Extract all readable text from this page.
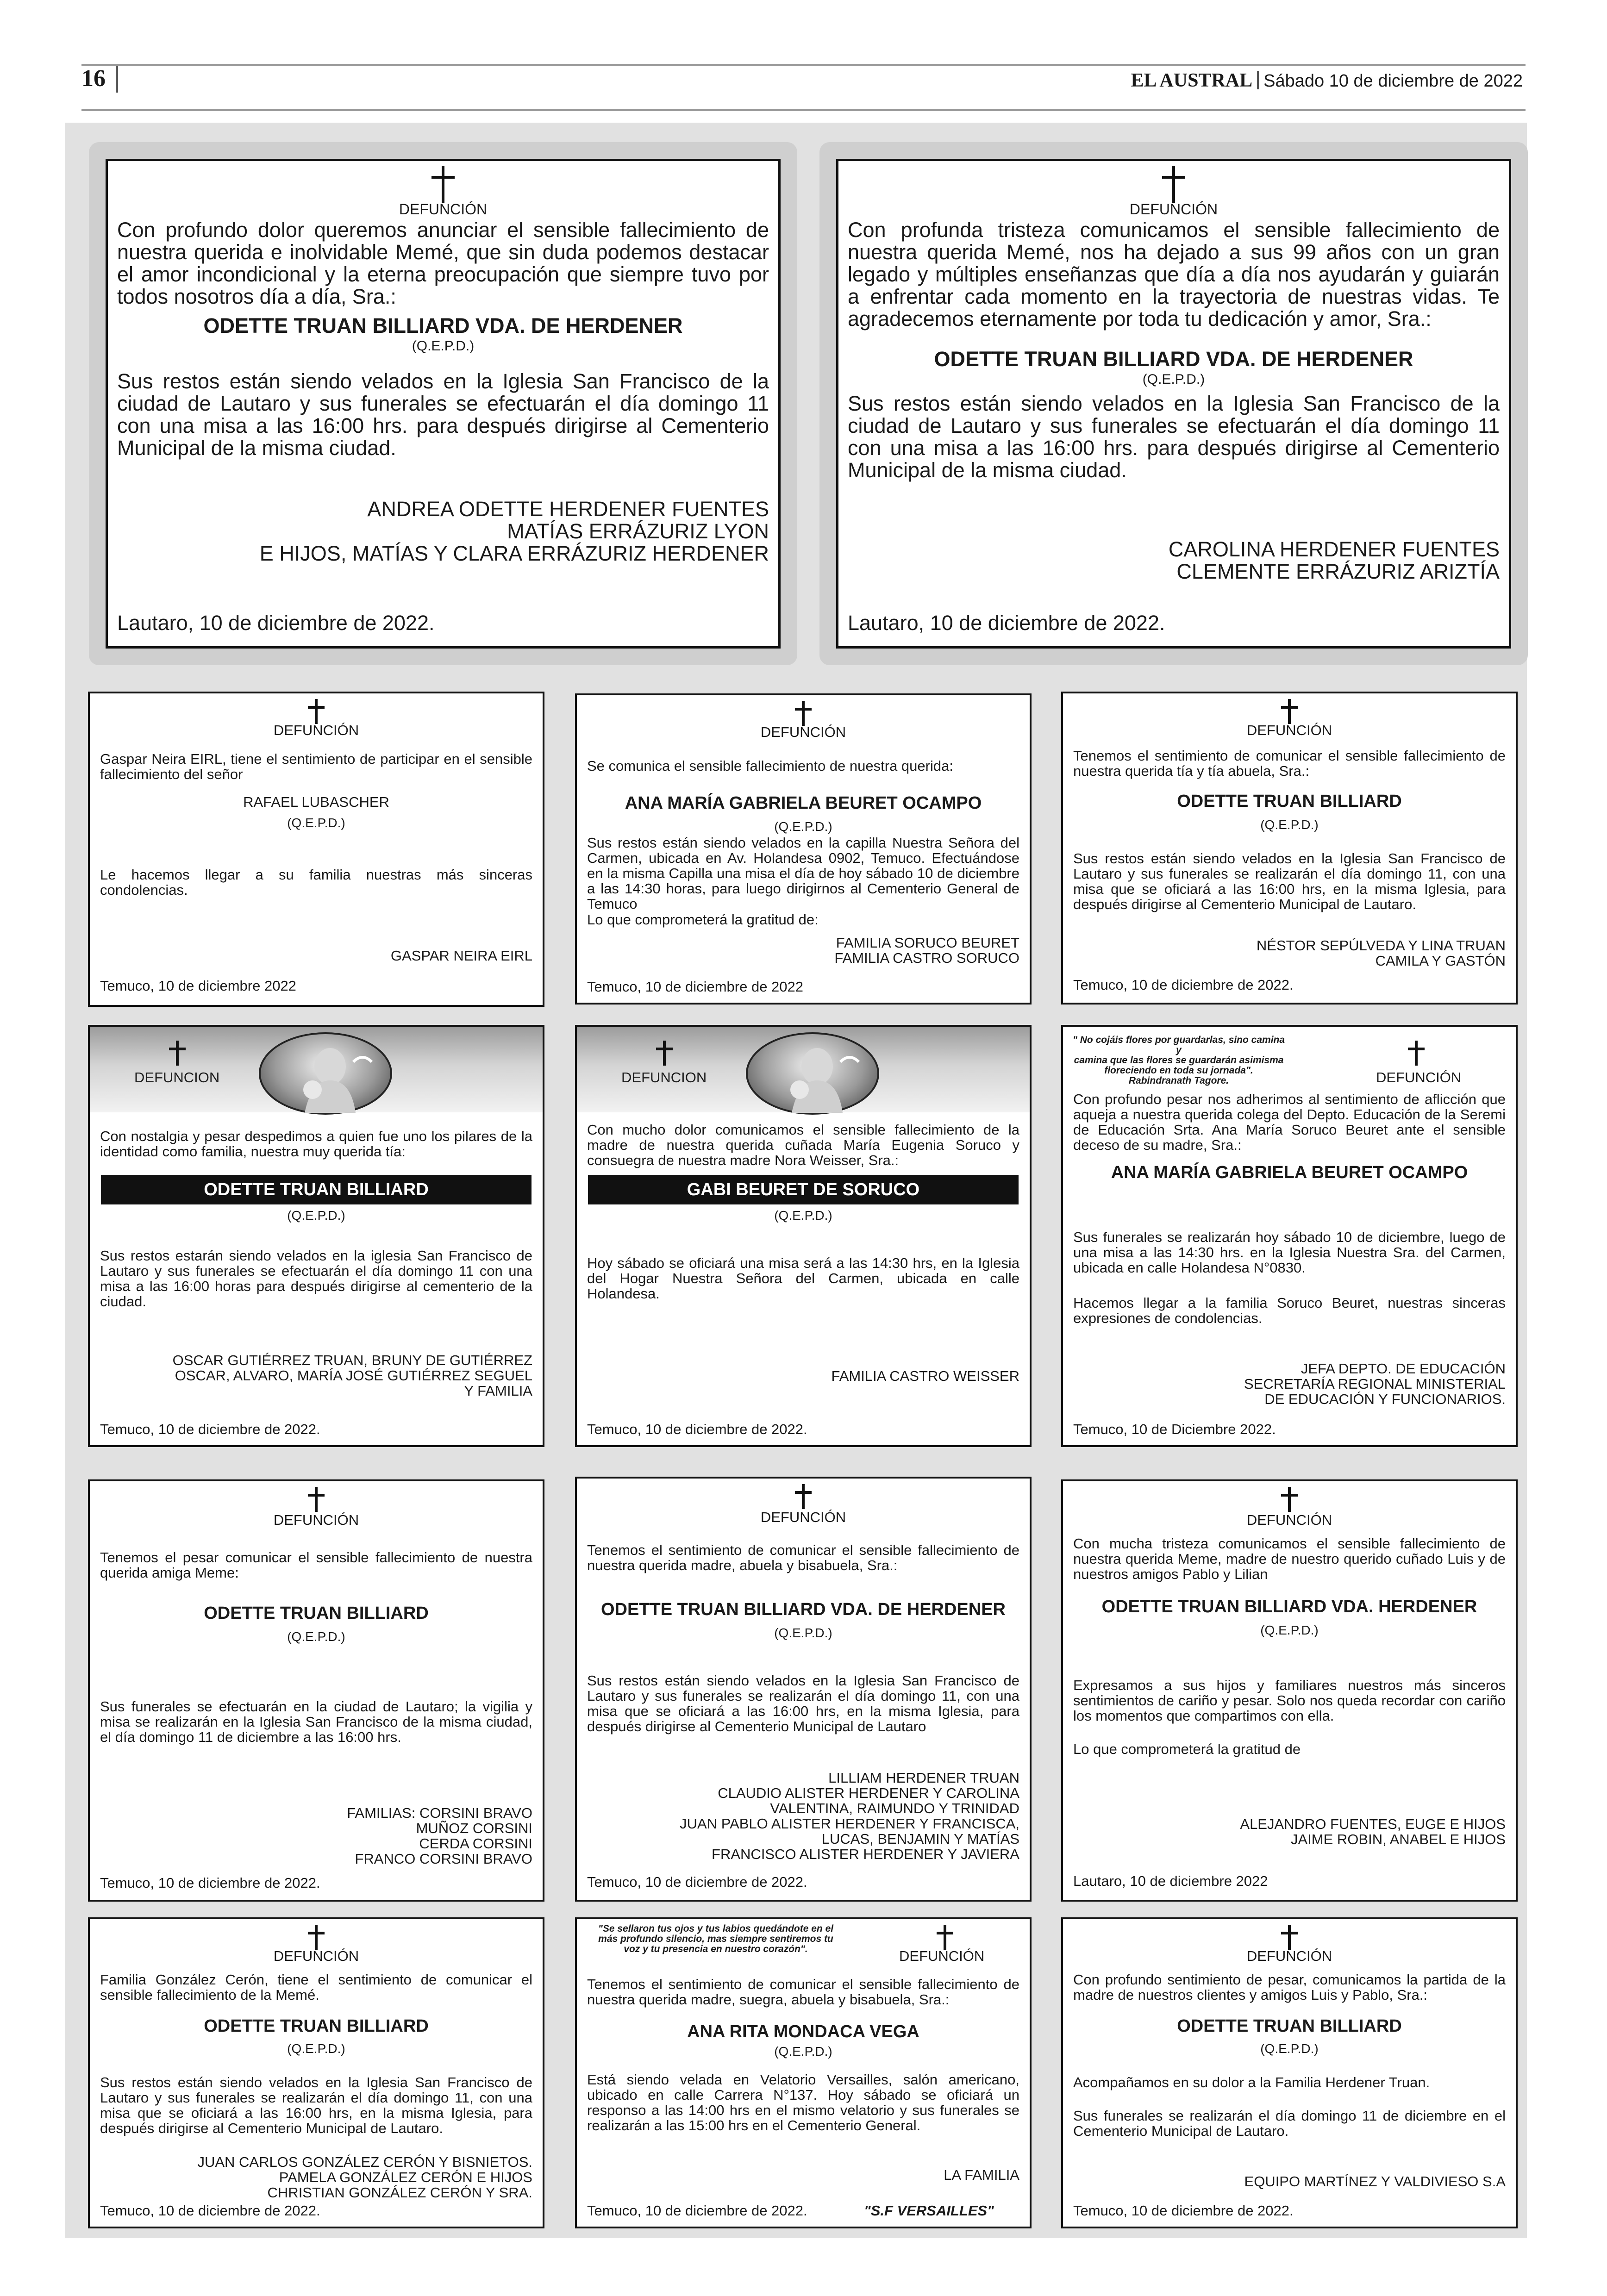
16	EL AUSTRAL Sábado 10 de diciembre de 2022
DEFUNCIÓN
Con profundo dolor queremos anunciar el sensible fallecimiento de nuestra querida e inolvidable Memé, que sin duda podemos destacar el amor incondicional y la eterna preocupación que siempre tuvo por todos nosotros día a día, Sra.:
ODETTE TRUAN BILLIARD VDA. DE HERDENER
(Q.E.P.D.)
Sus restos están siendo velados en la Iglesia San Francisco de la ciudad de Lautaro y sus funerales se efectuarán el día domingo 11 con una misa a las 16:00 hrs. para después dirigirse al Cementerio Municipal de la misma ciudad.
ANDREA ODETTE HERDENER FUENTES
MATÍAS ERRÁZURIZ LYON
E HIJOS, MATÍAS Y CLARA ERRÁZURIZ HERDENER
Lautaro, 10 de diciembre de 2022.
DEFUNCIÓN
Con profunda tristeza comunicamos el sensible fallecimiento de nuestra querida Memé, nos ha dejado a sus 99 años con un gran legado y múltiples enseñanzas que día a día nos ayudarán y guiarán a enfrentar cada momento en la trayectoria de nuestras vidas. Te agradecemos eternamente por toda tu dedicación y amor, Sra.:
ODETTE TRUAN BILLIARD VDA. DE HERDENER
(Q.E.P.D.)
Sus restos están siendo velados en la Iglesia San Francisco de la ciudad de Lautaro y sus funerales se efectuarán el día domingo 11 con una misa a las 16:00 hrs. para después dirigirse al Cementerio Municipal de la misma ciudad.
CAROLINA HERDENER FUENTES
CLEMENTE ERRÁZURIZ ARIZTÍA
Lautaro, 10 de diciembre de 2022.
DEFUNCIÓN
Gaspar Neira EIRL, tiene el sentimiento de participar en el sensible fallecimiento del señor
RAFAEL LUBASCHER
(Q.E.P.D.)
Le hacemos llegar a su familia nuestras más sinceras condolencias.
GASPAR NEIRA EIRL
Temuco, 10 de diciembre 2022
DEFUNCIÓN
Se comunica el sensible fallecimiento de nuestra querida:
ANA MARÍA GABRIELA BEURET OCAMPO
(Q.E.P.D.)
Sus restos están siendo velados en la capilla Nuestra Señora del Carmen, ubicada en Av. Holandesa 0902, Temuco. Efectuándose en la misma Capilla una misa el día de hoy sábado 10 de diciembre a las 14:30 horas, para luego dirigirnos al Cementerio General de Temuco
Lo que comprometerá la gratitud de:
FAMILIA SORUCO BEURET
FAMILIA CASTRO SORUCO
Temuco, 10 de diciembre de 2022
DEFUNCIÓN
Tenemos el sentimiento de comunicar el sensible fallecimiento de nuestra querida tía y tía abuela, Sra.:
ODETTE TRUAN BILLIARD
(Q.E.P.D.)
Sus restos están siendo velados en la Iglesia San Francisco de Lautaro y sus funerales se realizarán el día domingo 11, con una misa que se oficiará a las 16:00 hrs, en la misma Iglesia, para después dirigirse al Cementerio Municipal de Lautaro.
NÉSTOR SEPÚLVEDA Y LINA TRUAN
CAMILA Y GASTÓN
Temuco, 10 de diciembre de 2022.
DEFUNCION
Con nostalgia y pesar despedimos a quien fue uno los pilares de la identidad como familia, nuestra muy querida tía:
ODETTE TRUAN BILLIARD
(Q.E.P.D.)
Sus restos estarán siendo velados en la iglesia San Francisco de Lautaro y sus funerales se efectuarán el día domingo 11 con una misa a las 16:00 horas para después dirigirse al cementerio de la ciudad.
OSCAR GUTIÉRREZ TRUAN, BRUNY DE GUTIÉRREZ
OSCAR, ALVARO, MARÍA JOSÉ GUTIÉRREZ SEGUEL
Y FAMILIA
Temuco, 10 de diciembre de 2022.
DEFUNCION
Con mucho dolor comunicamos el sensible fallecimiento de la madre de nuestra querida cuñada María Eugenia Soruco y consuegra de nuestra madre Nora Weisser, Sra.:
GABI BEURET DE SORUCO
(Q.E.P.D.)
Hoy sábado se oficiará una misa será a las 14:30 hrs, en la Iglesia del Hogar Nuestra Señora del Carmen, ubicada en calle Holandesa.
FAMILIA CASTRO WEISSER
Temuco, 10 de diciembre de 2022.
" No cojáis flores por guardarlas, sino camina y
camina que las flores se guardarán asimisma
floreciendo en toda su jornada".
Rabindranath Tagore.	DEFUNCIÓN
Con profundo pesar nos adherimos al sentimiento de aflicción que aqueja a nuestra querida colega del Depto. Educación de la Seremi de Educación Srta. Ana María Soruco Beuret ante el sensible deceso de su madre, Sra.:
ANA MARÍA GABRIELA BEURET OCAMPO
Sus funerales se realizarán hoy sábado 10 de diciembre, luego de una misa a las 14:30 hrs. en la Iglesia Nuestra Sra. del Carmen, ubicada en calle Holandesa N°0830.
Hacemos llegar a la familia Soruco Beuret, nuestras sinceras expresiones de condolencias.
JEFA DEPTO. DE EDUCACIÓN
SECRETARÍA REGIONAL MINISTERIAL
DE EDUCACIÓN Y FUNCIONARIOS.
Temuco, 10 de Diciembre 2022.
DEFUNCIÓN
Tenemos el pesar comunicar el sensible fallecimiento de nuestra querida amiga Meme:
ODETTE TRUAN BILLIARD
(Q.E.P.D.)
Sus funerales se efectuarán en la ciudad de Lautaro; la vigilia y misa se realizarán en la Iglesia San Francisco de la misma ciudad, el día domingo 11 de diciembre a las 16:00 hrs.
FAMILIAS: CORSINI BRAVO
MUÑOZ CORSINI
CERDA CORSINI
FRANCO CORSINI BRAVO
Temuco, 10 de diciembre de 2022.
DEFUNCIÓN
Tenemos el sentimiento de comunicar el sensible fallecimiento de nuestra querida madre, abuela y bisabuela, Sra.:
ODETTE TRUAN BILLIARD VDA. DE HERDENER
(Q.E.P.D.)
Sus restos están siendo velados en la Iglesia San Francisco de Lautaro y sus funerales se realizarán el día domingo 11, con una misa que se oficiará a las 16:00 hrs, en la misma Iglesia, para después dirigirse al Cementerio Municipal de Lautaro
LILLIAM HERDENER TRUAN
CLAUDIO ALISTER HERDENER Y CAROLINA
VALENTINA, RAIMUNDO Y TRINIDAD
JUAN PABLO ALISTER HERDENER Y FRANCISCA,
LUCAS, BENJAMIN Y MATÍAS
FRANCISCO ALISTER HERDENER Y JAVIERA
Temuco, 10 de diciembre de 2022.
DEFUNCIÓN
Con mucha tristeza comunicamos el sensible fallecimiento de nuestra querida Meme, madre de nuestro querido cuñado Luis y de nuestros amigos Pablo y Lilian
ODETTE TRUAN BILLIARD VDA. HERDENER
(Q.E.P.D.)
Expresamos a sus hijos y familiares nuestros más sinceros sentimientos de cariño y pesar. Solo nos queda recordar con cariño los momentos que compartimos con ella.
Lo que comprometerá la gratitud de
ALEJANDRO FUENTES, EUGE E HIJOS
JAIME ROBIN, ANABEL E HIJOS
Lautaro, 10 de diciembre 2022
DEFUNCIÓN
Familia González Cerón, tiene el sentimiento de comunicar el sensible fallecimiento de la Memé.
ODETTE TRUAN BILLIARD
(Q.E.P.D.)
Sus restos están siendo velados en la Iglesia San Francisco de Lautaro y sus funerales se realizarán el día domingo 11, con una misa que se oficiará a las 16:00 hrs, en la misma Iglesia, para después dirigirse al Cementerio Municipal de Lautaro.
JUAN CARLOS GONZÁLEZ CERÓN Y BISNIETOS.
PAMELA GONZÁLEZ CERÓN E HIJOS
CHRISTIAN GONZÁLEZ CERÓN Y SRA.
Temuco, 10 de diciembre de 2022.
"Se sellaron tus ojos y tus labios quedándote en el
más profundo silencio, mas siempre sentiremos tu
voz y tu presencia en nuestro corazón".	DEFUNCIÓN
Tenemos el sentimiento de comunicar el sensible fallecimiento de nuestra querida madre, suegra, abuela y bisabuela, Sra.:
ANA RITA MONDACA VEGA
(Q.E.P.D.)
Está siendo velada en Velatorio Versailles, salón americano, ubicado en calle Carrera N°137. Hoy sábado se oficiará un responso a las 14:00 hrs en el mismo velatorio y sus funerales se realizarán a las 15:00 hrs en el Cementerio General.
LA FAMILIA
Temuco, 10 de diciembre de 2022.	"S.F VERSAILLES"
DEFUNCIÓN
Con profundo sentimiento de pesar, comunicamos la partida de la madre de nuestros clientes y amigos Luis y Pablo, Sra.:
ODETTE TRUAN BILLIARD
(Q.E.P.D.)
Acompañamos en su dolor a la Familia Herdener Truan.
Sus funerales se realizarán el día domingo 11 de diciembre en el Cementerio Municipal de Lautaro.
EQUIPO MARTÍNEZ Y VALDIVIESO S.A
Temuco, 10 de diciembre de 2022.
